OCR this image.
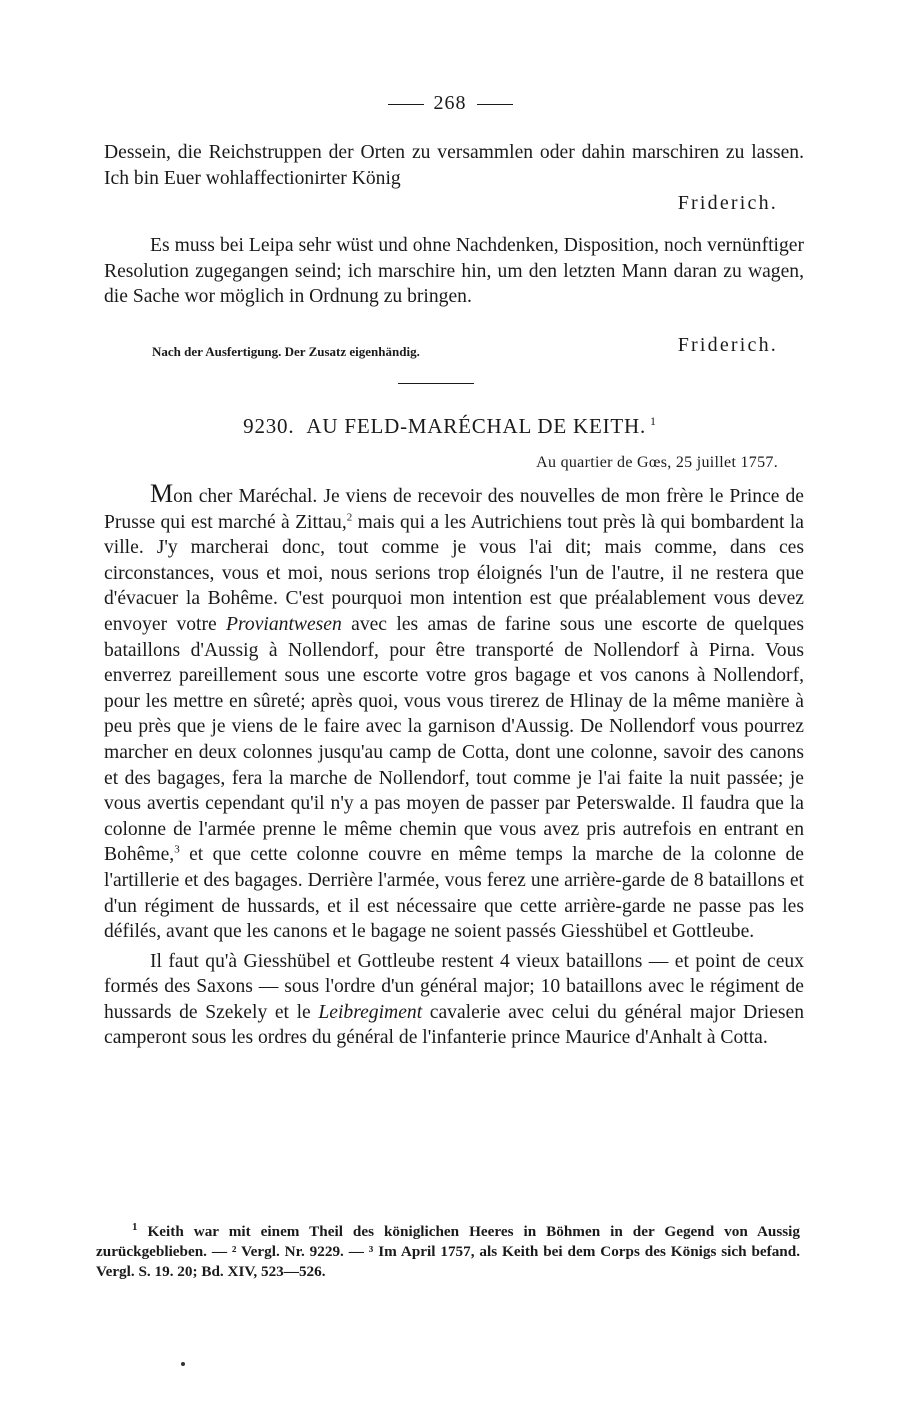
268

Dessein, die Reichstruppen der Orten zu versammlen oder dahin marschiren zu lassen. Ich bin Euer wohlaffectionirter König

Friderich.

Es muss bei Leipa sehr wüst und ohne Nachdenken, Disposition, noch vernünftiger Resolution zugegangen seind; ich marschire hin, um den letzten Mann daran zu wagen, die Sache wor möglich in Ordnung zu bringen.

Nach der Ausfertigung. Der Zusatz eigenhändig.	Friderich.
9230. AU FELD-MARÉCHAL DE KEITH. $^1$
Au quartier de Gœs, 25 juillet 1757.

Mon cher Maréchal. Je viens de recevoir des nouvelles de mon frère le Prince de Prusse qui est marché à Zittau,$^2$ mais qui a les Autrichiens tout près là qui bombardent la ville. J'y marcherai donc, tout comme je vous l'ai dit; mais comme, dans ces circonstances, vous et moi, nous serions trop éloignés l'un de l'autre, il ne restera que d'évacuer la Bohême. C'est pourquoi mon intention est que préalablement vous devez envoyer votre Proviantwesen avec les amas de farine sous une escorte de quelques bataillons d'Aussig à Nollendorf, pour être transporté de Nollendorf à Pirna. Vous enverrez pareillement sous une escorte votre gros bagage et vos canons à Nollendorf, pour les mettre en sûreté; après quoi, vous vous tirerez de Hlinay de la même manière à peu près que je viens de le faire avec la garnison d'Aussig. De Nollendorf vous pourrez marcher en deux colonnes jusqu'au camp de Cotta, dont une colonne, savoir des canons et des bagages, fera la marche de Nollendorf, tout comme je l'ai faite la nuit passée; je vous avertis cependant qu'il n'y a pas moyen de passer par Peterswalde. Il faudra que la colonne de l'armée prenne le même chemin que vous avez pris autrefois en entrant en Bohême,$^3$ et que cette colonne couvre en même temps la marche de la colonne de l'artillerie et des bagages. Derrière l'armée, vous ferez une arrière-garde de 8 bataillons et d'un régiment de hussards, et il est nécessaire que cette arrière-garde ne passe pas les défilés, avant que les canons et le bagage ne soient passés Giesshübel et Gottleube.

Il faut qu'à Giesshübel et Gottleube restent 4 vieux bataillons — et point de ceux formés des Saxons — sous l'ordre d'un général major; 10 bataillons avec le régiment de hussards de Szekely et le Leibregiment cavalerie avec celui du général major Driesen camperont sous les ordres du général de l'infanterie prince Maurice d'Anhalt à Cotta.

$^1$ Keith war mit einem Theil des königlichen Heeres in Böhmen in der Gegend von Aussig zurückgeblieben. — ² Vergl. Nr. 9229. — ³ Im April 1757, als Keith bei dem Corps des Königs sich befand. Vergl. S. 19. 20; Bd. XIV, 523—526.
